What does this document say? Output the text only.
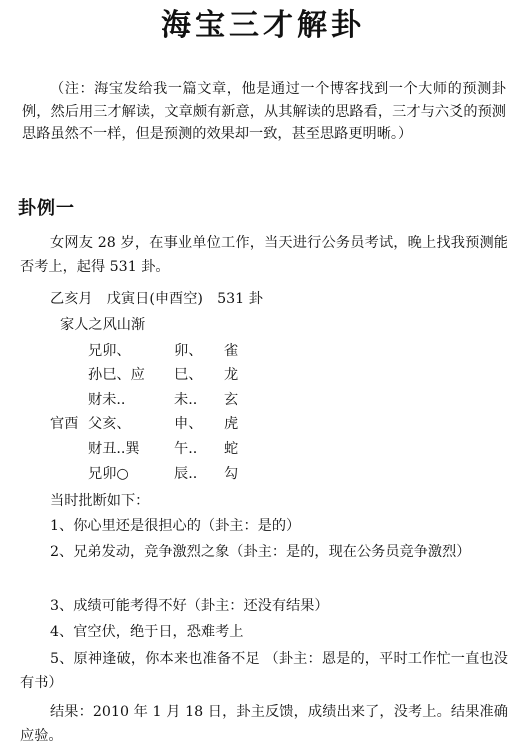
海宝三才解卦
（注：海宝发给我一篇文章，他是通过一个博客找到一个大师的预测卦例，然后用三才解读，文章颇有新意，从其解读的思路看，三才与六爻的预测思路虽然不一样，但是预测的效果却一致，甚至思路更明晰。）
卦例一
女网友 28 岁，在事业单位工作，当天进行公务员考试，晚上找我预测能否考上，起得 531 卦。
乙亥月　戊寅日(申酉空)　531 卦
家人之风山渐
兄卯、	卯、 雀
孙巳、应 巳、 龙
财未..	未.. 玄
官酉 父亥、	申、 虎
财丑..巽 午.. 蛇
兄卯○	辰.. 勾
当时批断如下：
1、你心里还是很担心的（卦主：是的）
2、兄弟发动，竞争激烈之象（卦主：是的，现在公务员竞争激烈）
3、成绩可能考得不好（卦主：还没有结果）
4、官空伏，绝于日，恐难考上
5、原神逢破，你本来也准备不足 （卦主：恩是的，平时工作忙一直也没有书）
结果：2010 年 1 月 18 日，卦主反馈，成绩出来了，没考上。结果准确应验。
